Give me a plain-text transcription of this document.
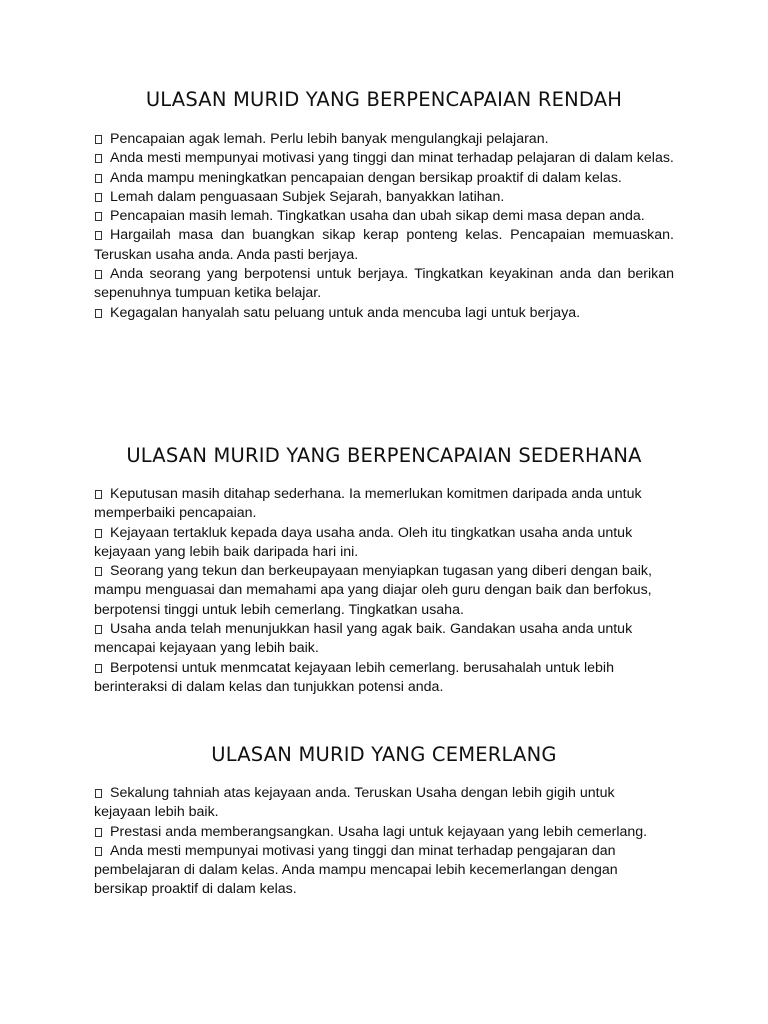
ULASAN MURID YANG BERPENCAPAIAN RENDAH
Pencapaian agak lemah. Perlu lebih banyak mengulangkaji pelajaran.
Anda mesti mempunyai motivasi yang tinggi dan minat terhadap pelajaran di dalam kelas.
Anda mampu meningkatkan pencapaian dengan bersikap proaktif di dalam kelas.
Lemah dalam penguasaan Subjek Sejarah, banyakkan latihan.
Pencapaian masih lemah. Tingkatkan usaha dan ubah sikap demi masa depan anda.
Hargailah masa dan buangkan sikap kerap ponteng kelas. Pencapaian memuaskan. Teruskan usaha anda. Anda pasti berjaya.
Anda seorang yang berpotensi untuk berjaya. Tingkatkan keyakinan anda dan berikan sepenuhnya tumpuan ketika belajar.
Kegagalan hanyalah satu peluang untuk anda mencuba lagi untuk berjaya.
ULASAN MURID YANG BERPENCAPAIAN SEDERHANA
Keputusan masih ditahap sederhana. Ia memerlukan komitmen daripada anda untuk memperbaiki pencapaian.
Kejayaan tertakluk kepada daya usaha anda. Oleh itu tingkatkan usaha anda untuk kejayaan yang lebih baik daripada hari ini.
Seorang yang tekun dan berkeupayaan menyiapkan tugasan yang diberi dengan baik, mampu menguasai dan memahami apa yang diajar oleh guru dengan baik dan berfokus, berpotensi tinggi untuk lebih cemerlang. Tingkatkan usaha.
Usaha anda telah menunjukkan hasil yang agak baik. Gandakan usaha anda untuk mencapai kejayaan yang lebih baik.
Berpotensi untuk menmcatat kejayaan lebih cemerlang. berusahalah untuk lebih berinteraksi di dalam kelas dan tunjukkan potensi anda.
ULASAN MURID YANG CEMERLANG
Sekalung tahniah atas kejayaan anda. Teruskan Usaha dengan lebih gigih untuk kejayaan lebih baik.
Prestasi anda memberangsangkan. Usaha lagi untuk kejayaan yang lebih cemerlang.
Anda mesti mempunyai motivasi yang tinggi dan minat terhadap pengajaran dan pembelajaran di dalam kelas. Anda mampu mencapai lebih kecemerlangan dengan bersikap proaktif di dalam kelas.
